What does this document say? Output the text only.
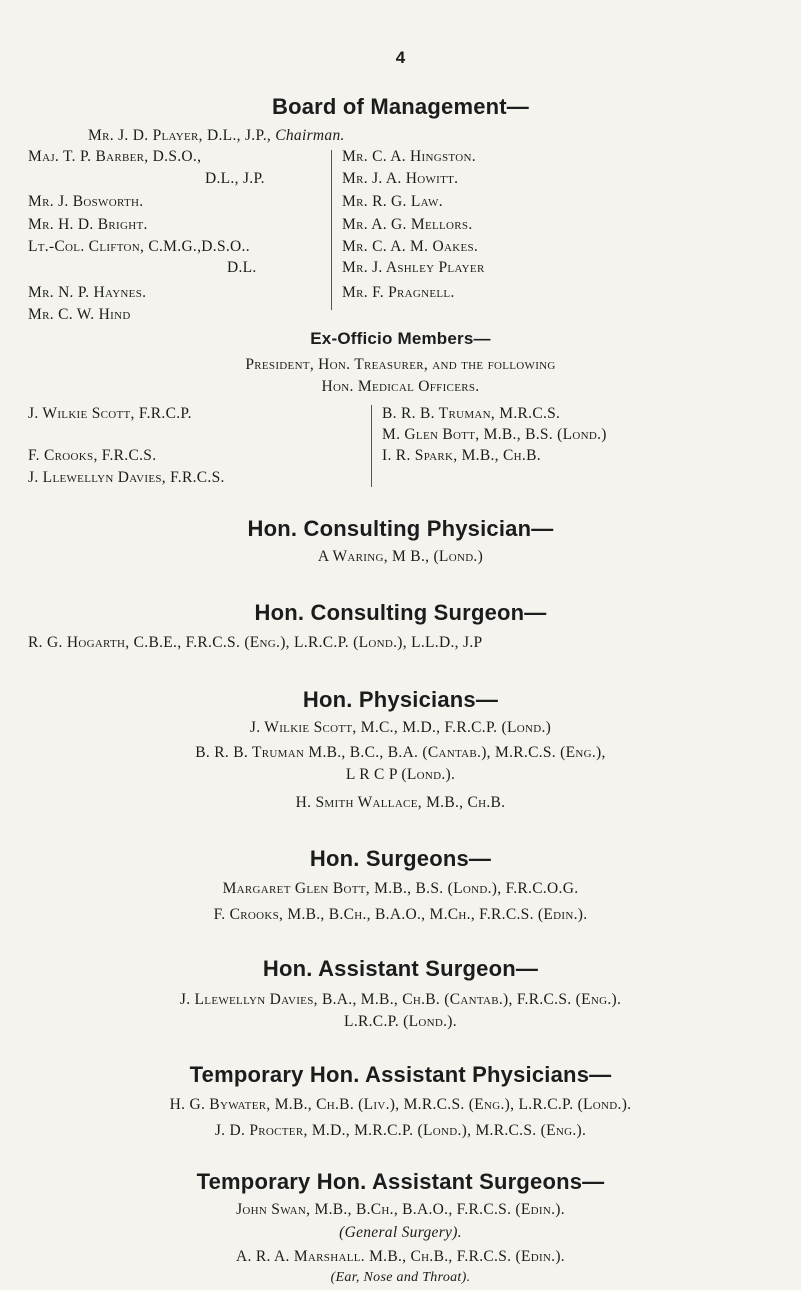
4
Board of Management—
Mr. J. D. Player, D.L., J.P., Chairman.
Maj. T. P. Barber, D.S.O.,
D.L., J.P.
Mr. J. Bosworth.
Mr. H. D. Bright.
Lt.-Col. Clifton, C.M.G.,D.S.O..
D.L.
Mr. N. P. Haynes.
Mr. C. W. Hind
Mr. C. A. Hingston.
Mr. J. A. Howitt.
Mr. R. G. Law.
Mr. A. G. Mellors.
Mr. C. A. M. Oakes.
Mr. J. Ashley Player
Mr. F. Pragnell.
Ex-Officio Members—
President, Hon. Treasurer, and the following
Hon. Medical Officers.
J. Wilkie Scott, F.R.C.P.
F. Crooks, F.R.C.S.
J. Llewellyn Davies, F.R.C.S.
B. R. B. Truman, M.R.C.S.
M. Glen Bott, M.B., B.S. (Lond.)
I. R. Spark, M.B., Ch.B.
Hon. Consulting Physician—
A Waring, M B., (Lond.)
Hon. Consulting Surgeon—
R. G. Hogarth, C.B.E., F.R.C.S. (Eng.), L.R.C.P. (Lond.), L.L.D., J.P
Hon. Physicians—
J. Wilkie Scott, M.C., M.D., F.R.C.P. (Lond.)
B. R. B. Truman M.B., B.C., B.A. (Cantab.), M.R.C.S. (Eng.),
L R C P (Lond.).
H. Smith Wallace, M.B., Ch.B.
Hon. Surgeons—
Margaret Glen Bott, M.B., B.S. (Lond.), F.R.C.O.G.
F. Crooks, M.B., B.Ch., B.A.O., M.Ch., F.R.C.S. (Edin.).
Hon. Assistant Surgeon—
J. Llewellyn Davies, B.A., M.B., Ch.B. (Cantab.), F.R.C.S. (Eng.).
L.R.C.P. (Lond.).
Temporary Hon. Assistant Physicians—
H. G. Bywater, M.B., Ch.B. (Liv.), M.R.C.S. (Eng.), L.R.C.P. (Lond.).
J. D. Procter, M.D., M.R.C.P. (Lond.), M.R.C.S. (Eng.).
Temporary Hon. Assistant Surgeons—
John Swan, M.B., B.Ch., B.A.O., F.R.C.S. (Edin.).
(General Surgery).
A. R. A. Marshall. M.B., Ch.B., F.R.C.S. (Edin.).
(Ear, Nose and Throat).
